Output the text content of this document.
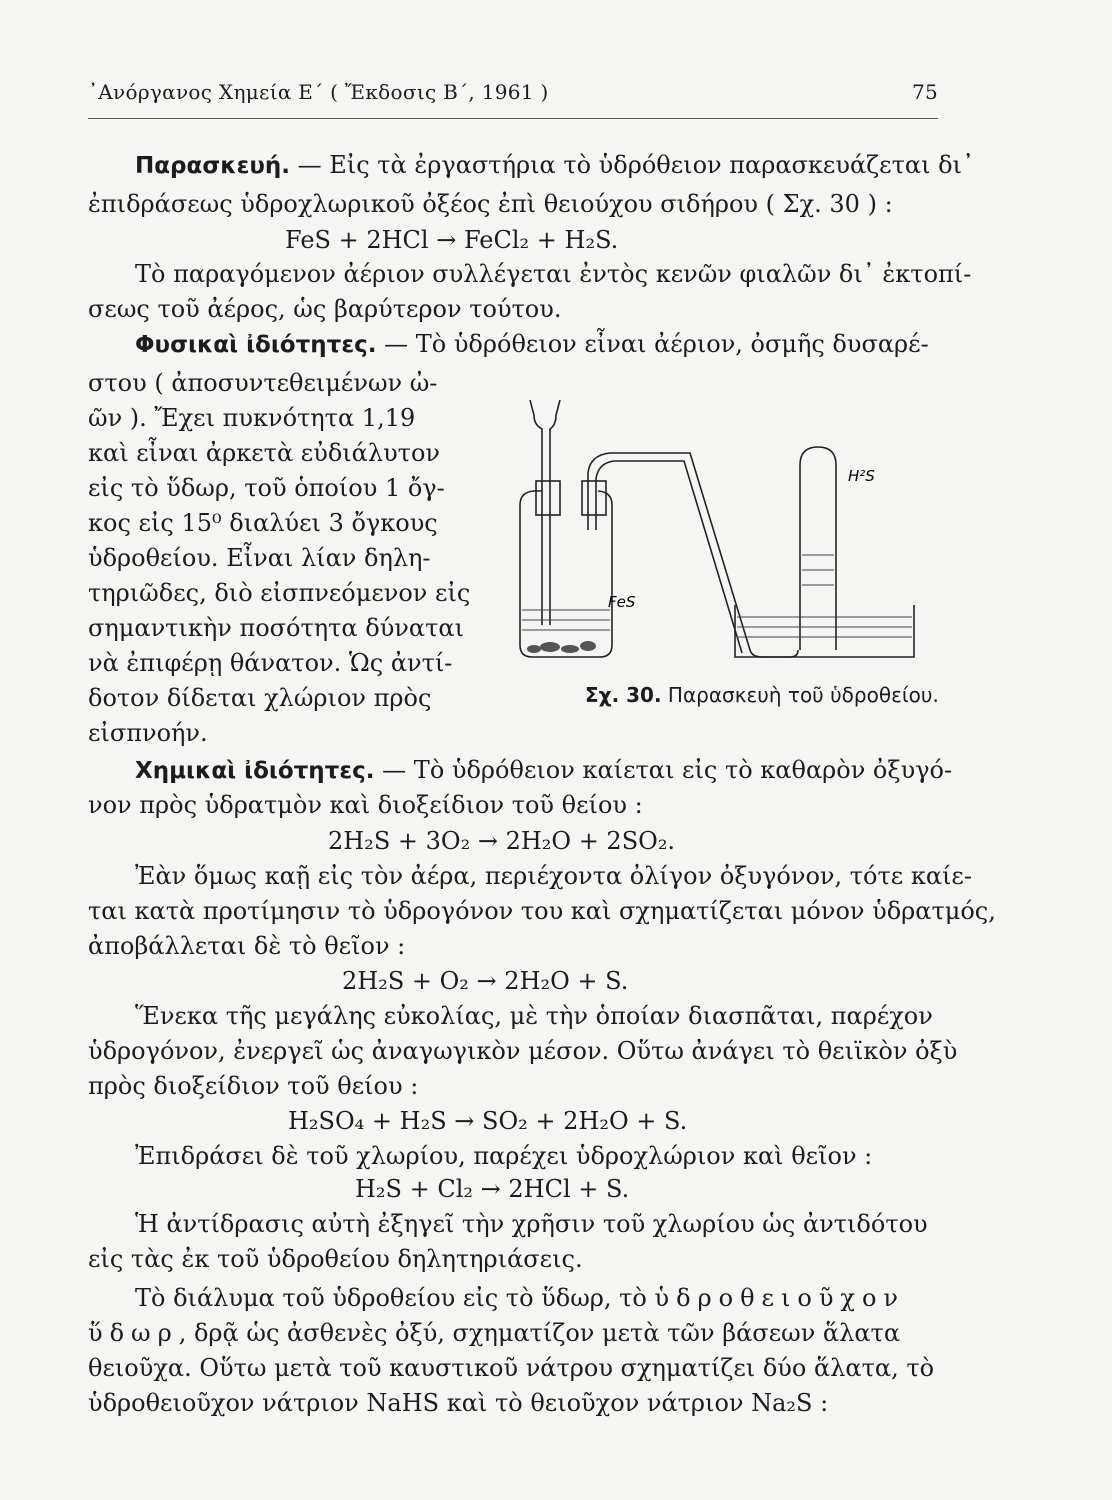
᾿Ανόργανος Χημεία Ε΄ ( Ἔκδοσις Β΄, 1961 )	75
Παρασκευή. — Εἰς τὰ ἐργαστήρια τὸ ὑδρόθειον παρασκευάζεται δι᾿
ἐπιδράσεως ὑδροχλωρικοῦ ὀξέος ἐπὶ θειούχου σιδήρου ( Σχ. 30 ) :
FeS + 2HCl → FeCl₂ + H₂S.
Τὸ παραγόμενον ἀέριον συλλέγεται ἐντὸς κενῶν φιαλῶν δι᾿ ἐκτοπί-
σεως τοῦ ἀέρος, ὡς βαρύτερον τούτου.
Φυσικαὶ ἰδιότητες. — Τὸ ὑδρόθειον εἶναι ἀέριον, ὀσμῆς δυσαρέ-
στου ( ἀποσυντεθειμένων ὠ-
ῶν ). Ἔχει πυκνότητα 1,19
καὶ εἶναι ἀρκετὰ εὐδιάλυτον
εἰς τὸ ὕδωρ, τοῦ ὁποίου 1 ὄγ-
κος εἰς 15⁰ διαλύει 3 ὄγκους
ὑδροθείου. Εἶναι λίαν δηλη-
τηριῶδες, διὸ εἰσπνεόμενον εἰς
σημαντικὴν ποσότητα δύναται
νὰ ἐπιφέρῃ θάνατον. Ὡς ἀντί-
δοτον δίδεται χλώριον πρὸς
εἰσπνοήν.
FeS
H²S
Σχ. 30. Παρασκευὴ τοῦ ὑδροθείου.
Χημικαὶ ἰδιότητες. — Τὸ ὑδρόθειον καίεται εἰς τὸ καθαρὸν ὀξυγό-
νον πρὸς ὑδρατμὸν καὶ διοξείδιον τοῦ θείου :
2H₂S + 3O₂ → 2H₂O + 2SO₂.
Ἐὰν ὅμως καῇ εἰς τὸν ἀέρα, περιέχοντα ὀλίγον ὀξυγόνον, τότε καίε-
ται κατὰ προτίμησιν τὸ ὑδρογόνον του καὶ σχηματίζεται μόνον ὑδρατμός,
ἀποβάλλεται δὲ τὸ θεῖον :
2H₂S + O₂ → 2H₂O + S.
Ἕνεκα τῆς μεγάλης εὐκολίας, μὲ τὴν ὁποίαν διασπᾶται, παρέχον
ὑδρογόνον, ἐνεργεῖ ὡς ἀναγωγικὸν μέσον. Οὕτω ἀνάγει τὸ θειϊκὸν ὀξὺ
πρὸς διοξείδιον τοῦ θείου :
H₂SO₄ + H₂S → SO₂ + 2H₂O + S.
Ἐπιδράσει δὲ τοῦ χλωρίου, παρέχει ὑδροχλώριον καὶ θεῖον :
H₂S + Cl₂ → 2HCl + S.
Ἡ ἀντίδρασις αὐτὴ ἐξηγεῖ τὴν χρῆσιν τοῦ χλωρίου ὡς ἀντιδότου
εἰς τὰς ἐκ τοῦ ὑδροθείου δηλητηριάσεις.
Τὸ διάλυμα τοῦ ὑδροθείου εἰς τὸ ὕδωρ, τὸ ὑδροθειοῦχον
ὕδωρ, δρᾷ ὡς ἀσθενὲς ὀξύ, σχηματίζον μετὰ τῶν βάσεων ἅλατα
θειοῦχα. Οὕτω μετὰ τοῦ καυστικοῦ νάτρου σχηματίζει δύο ἅλατα, τὸ
ὑδροθειοῦχον νάτριον NaHS καὶ τὸ θειοῦχον νάτριον Na₂S :
